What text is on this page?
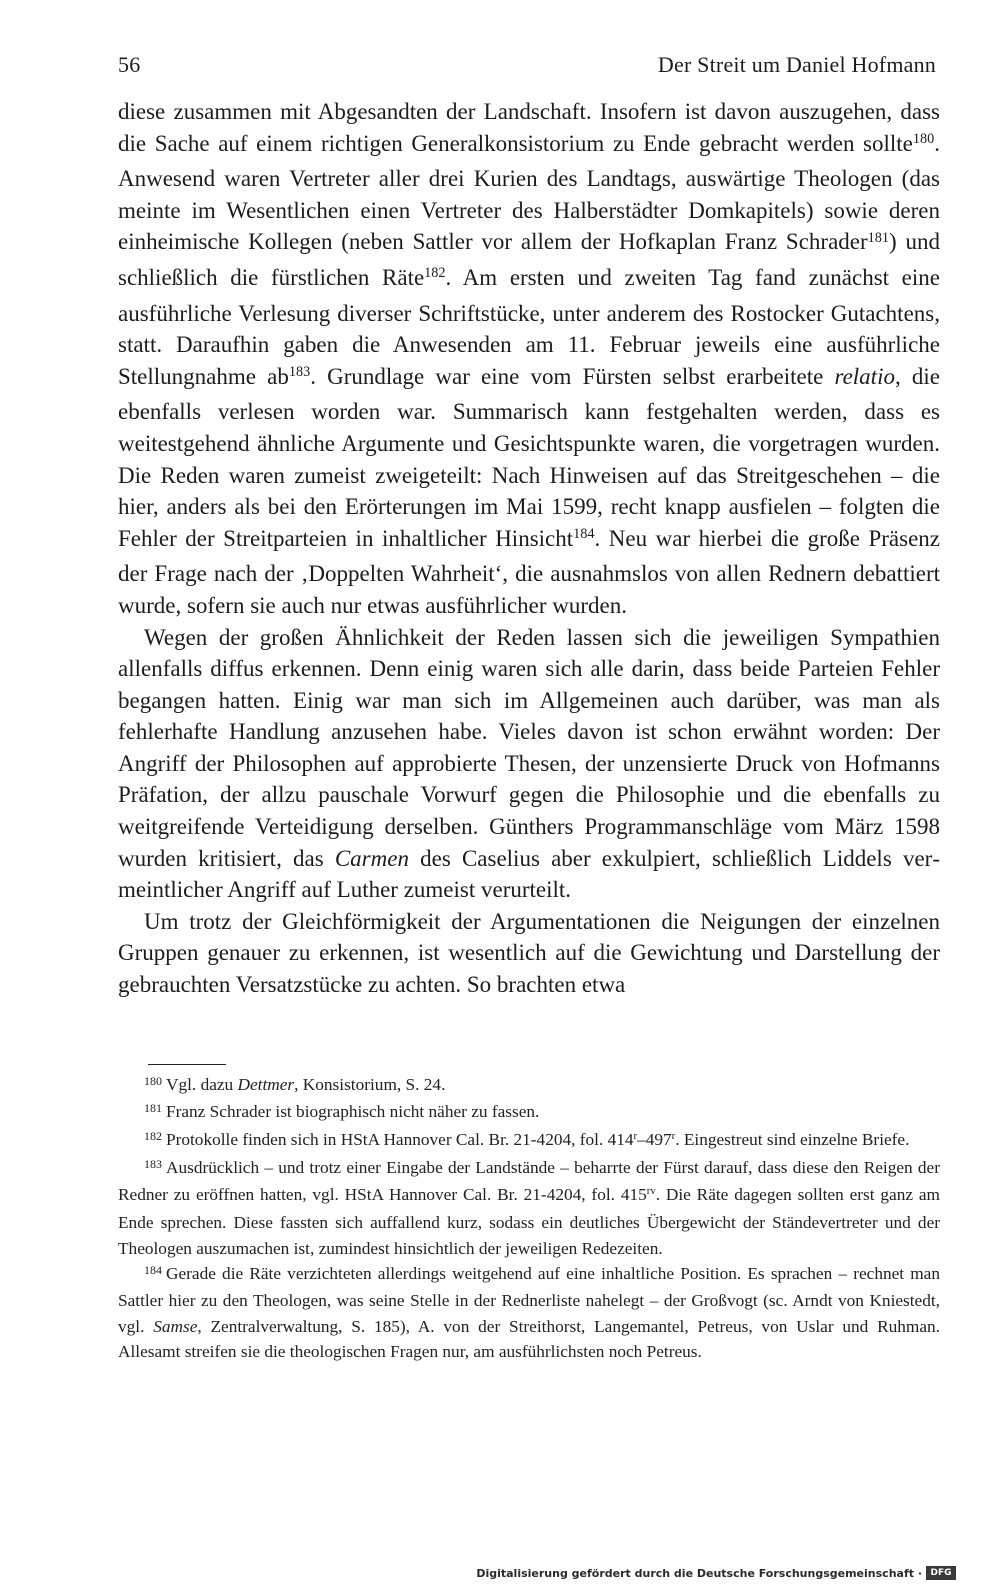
56	Der Streit um Daniel Hofmann

diese zusammen mit Abgesandten der Landschaft. Insofern ist davon auszugehen, dass die Sache auf einem richtigen Generalkonsistorium zu Ende gebracht werden sollte$^{180}$. Anwesend waren Vertreter aller drei Kurien des Landtags, auswärtige Theologen (das meinte im Wesentlichen einen Vertreter des Halberstädter Domkapitels) sowie deren einheimische Kollegen (neben Sattler vor allem der Hofkaplan Franz Schrader$^{181}$) und schließlich die fürstlichen Räte$^{182}$. Am ersten und zweiten Tag fand zunächst eine ausführliche Verlesung diverser Schriftstücke, unter anderem des Rostocker Gutachtens, statt. Daraufhin gaben die Anwesenden am 11. Februar jeweils eine ausführliche Stellungnahme $ab^{183}$. Grundlage war eine vom Fürsten selbst erarbeitete relatio, die ebenfalls verlesen worden war. Summarisch kann festgehalten werden, dass es weitestgehend ähnliche Argumente und Gesichtspunkte waren, die vorgetragen wurden. Die Reden waren zumeist zweigeteilt: Nach Hinweisen auf das Streitgeschehen – die hier, anders als bei den Erörterungen im Mai 1599, recht knapp ausfielen – folgten die Fehler der Streitparteien in inhaltlicher Hinsicht$^{184}$. Neu war hierbei die große Präsenz der Frage nach der ‚Doppelten Wahrheit‘, die ausnahmslos von allen Rednern debattiert wurde, sofern sie auch nur etwas ausführlicher wurden.

Wegen der großen Ähnlichkeit der Reden lassen sich die jeweiligen Sympathien allenfalls diffus erkennen. Denn einig waren sich alle darin, dass beide Parteien Fehler begangen hatten. Einig war man sich im Allgemeinen auch darüber, was man als fehlerhafte Handlung anzusehen habe. Vieles davon ist schon erwähnt worden: Der Angriff der Philosophen auf approbierte Thesen, der unzensierte Druck von Hofmanns Präfation, der allzu pauschale Vorwurf gegen die Philosophie und die ebenfalls zu weitgreifende Verteidigung derselben. Günthers Programmanschläge vom März 1598 wurden kritisiert, das Carmen des Caselius aber exkulpiert, schließlich Liddels vermeintlicher Angriff auf Luther zumeist verurteilt.

Um trotz der Gleichförmigkeit der Argumentationen die Neigungen der einzelnen Gruppen genauer zu erkennen, ist wesentlich auf die Gewichtung und Darstellung der gebrauchten Versatzstücke zu achten. So brachten etwa

$^{180}$ Vgl. dazu Dettmer, Konsistorium, S. 24.

$^{181}$ Franz Schrader ist biographisch nicht näher zu fassen.

$^{182}$ Protokolle finden sich in HStA Hannover Cal. Br. 21-4204, fol. 414$^r$–497$^r$. Eingestreut sind einzelne Briefe.

$^{183}$ Ausdrücklich – und trotz einer Eingabe der Landstände – beharrte der Fürst darauf, dass diese den Reigen der Redner zu eröffnen hatten, vgl. HStA Hannover Cal. Br. 21-4204, fol. $415^{rv}$. Die Räte dagegen sollten erst ganz am Ende sprechen. Diese fassten sich auffallend kurz, sodass ein deutliches Übergewicht der Ständevertreter und der Theologen auszumachen ist, zumindest hinsichtlich der jeweiligen Redezeiten.

$^{184}$ Gerade die Räte verzichteten allerdings weitgehend auf eine inhaltliche Position. Es sprachen – rechnet man Sattler hier zu den Theologen, was seine Stelle in der Rednerliste nahelegt – der Großvogt (sc. Arndt von Kniestedt, vgl. Samse, Zentralverwaltung, S. 185), A. von der Streithorst, Langemantel, Petreus, von Uslar und Ruhman. Allesamt streifen sie die theologischen Fragen nur, am ausführlichsten noch Petreus.

Digitalisierung gefördert durch die Deutsche Forschungsgemeinschaft · DFG
